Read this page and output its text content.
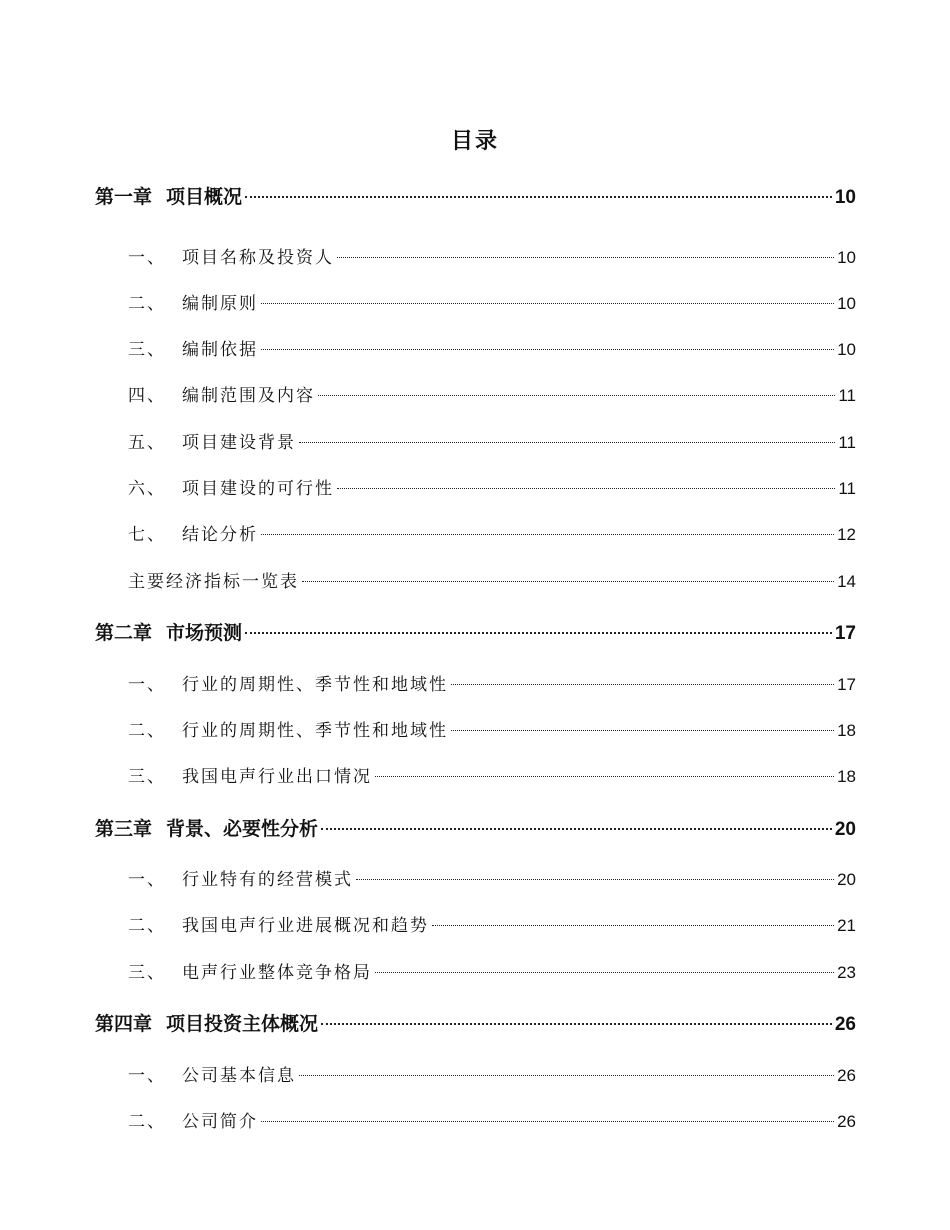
目录
第一章 项目概况	10
一、 项目名称及投资人	10
二、 编制原则	10
三、 编制依据	10
四、 编制范围及内容	11
五、 项目建设背景	11
六、 项目建设的可行性	11
七、 结论分析	12
主要经济指标一览表	14
第二章 市场预测	17
一、 行业的周期性、季节性和地域性	17
二、 行业的周期性、季节性和地域性	18
三、 我国电声行业出口情况	18
第三章 背景、必要性分析	20
一、 行业特有的经营模式	20
二、 我国电声行业进展概况和趋势	21
三、 电声行业整体竞争格局	23
第四章 项目投资主体概况	26
一、 公司基本信息	26
二、 公司简介	26
